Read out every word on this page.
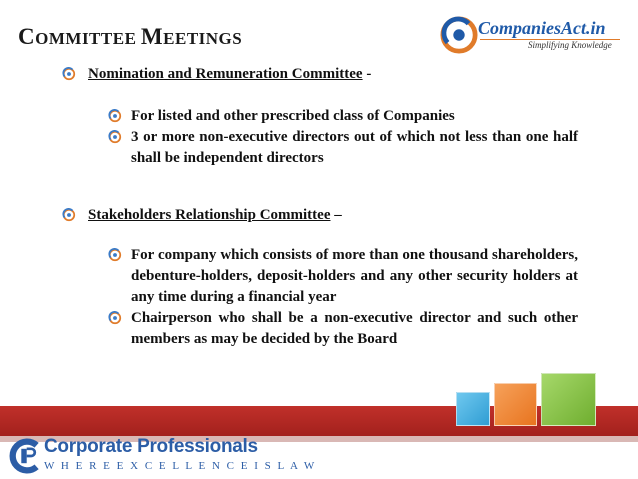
COMMITTEE MEETINGS
CompaniesAct.in
Simplifying Knowledge
Nomination and Remuneration Committee -
For listed and other prescribed class of Companies
3 or more non-executive directors out of which not less than one half shall be independent directors
Stakeholders Relationship Committee –
For company which consists of more than one thousand shareholders, debenture-holders, deposit-holders and any other security holders at any time during a financial year
Chairperson who shall be a non-executive director and such other members as may be decided by the Board
Corporate Professionals
W H E R E E X C E L L E N C E I S L A W
